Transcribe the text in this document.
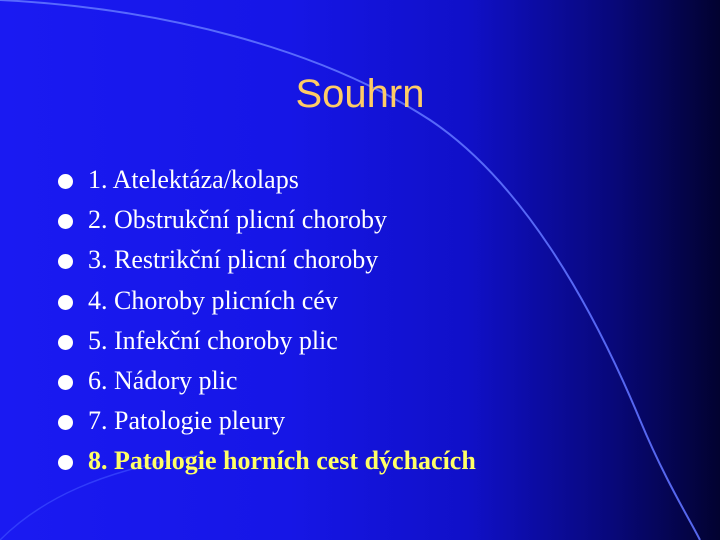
Souhrn
1. Atelektáza/kolaps
2. Obstrukční plicní choroby
3. Restrikční plicní choroby
4. Choroby plicních cév
5. Infekční choroby plic
6. Nádory plic
7. Patologie pleury
8. Patologie horních cest dýchacích
